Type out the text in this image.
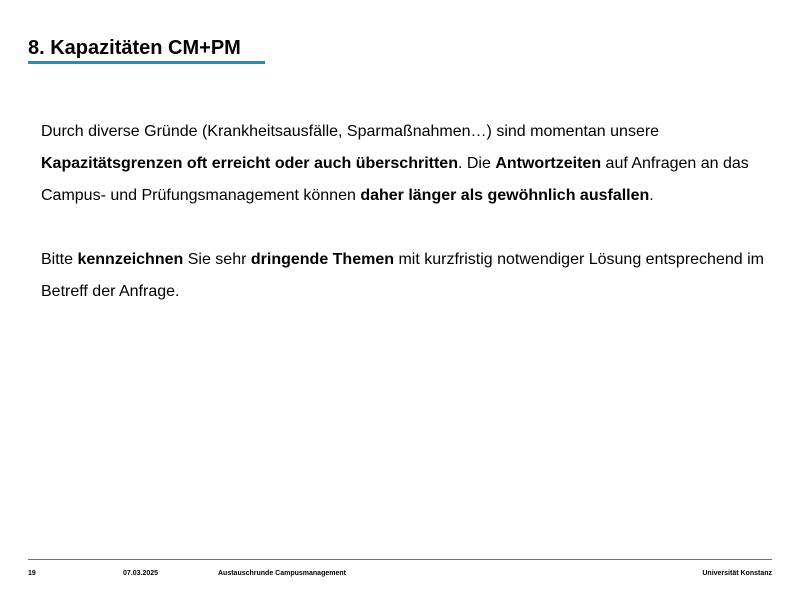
8. Kapazitäten CM+PM

Durch diverse Gründe (Krankheitsausfälle, Sparmaßnahmen…) sind momentan unsere Kapazitätsgrenzen oft erreicht oder auch überschritten. Die Antwortzeiten auf Anfragen an das Campus- und Prüfungsmanagement können daher länger als gewöhnlich ausfallen.

Bitte kennzeichnen Sie sehr dringende Themen mit kurzfristig notwendiger Lösung entsprechend im Betreff der Anfrage.

19	07.03.2025	Austauschrunde Campusmanagement	Universität Konstanz
